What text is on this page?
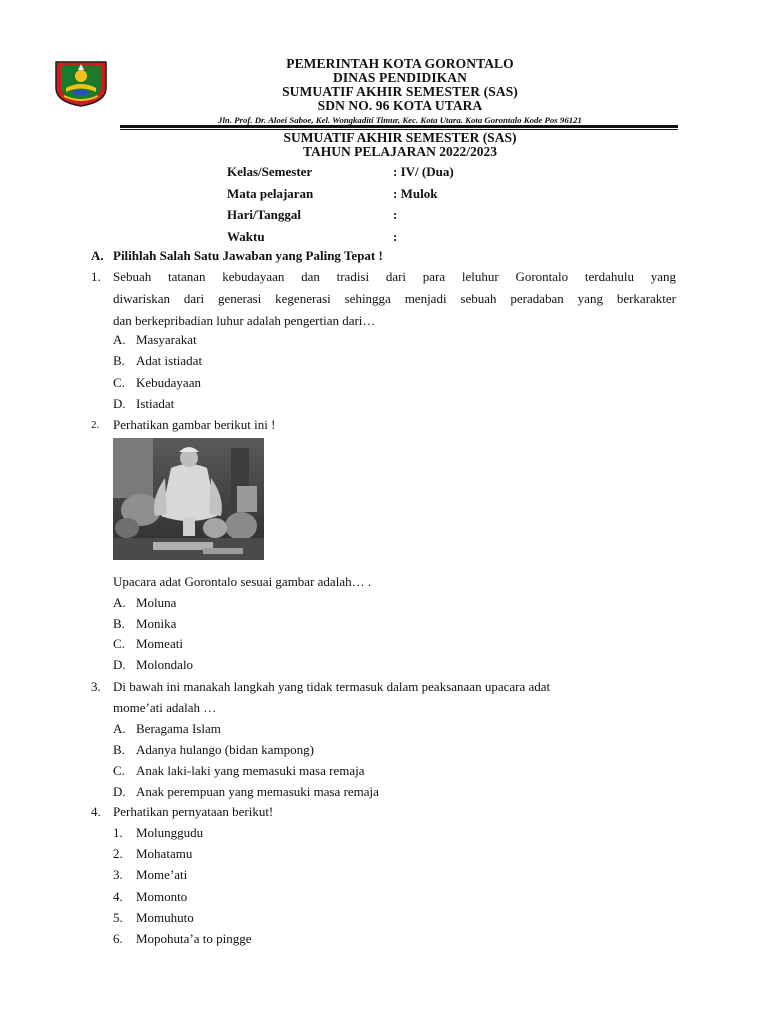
PEMERINTAH KOTA GORONTALO
DINAS PENDIDIKAN
SUMUATIF AKHIR SEMESTER (SAS)
SDN NO. 96 KOTA UTARA
Jln. Prof. Dr. Aloei Saboe, Kel. Wongkaditi Timur, Kec. Kota Utara. Kota Gorontalo Kode Pos 96121
SUMUATIF AKHIR SEMESTER (SAS)
TAHUN PELAJARAN 2022/2023
Kelas/Semester	: IV/ (Dua)
Mata pelajaran	: Mulok
Hari/Tanggal	:
Waktu	:
A. Pilihlah Salah Satu Jawaban yang Paling Tepat !
1. Sebuah tatanan kebudayaan dan tradisi dari para leluhur Gorontalo terdahulu yang
diwariskan dari generasi kegenerasi sehingga menjadi sebuah peradaban yang berkarakter
dan berkepribadian luhur adalah pengertian dari…
A. Masyarakat
B. Adat istiadat
C. Kebudayaan
D. Istiadat
2. Perhatikan gambar berikut ini !
Upacara adat Gorontalo sesuai gambar adalah… .
A. Moluna
B. Monika
C. Momeati
D. Molondalo
3. Di bawah ini manakah langkah yang tidak termasuk dalam peaksanaan upacara adat
mome’ati adalah …
A. Beragama Islam
B. Adanya hulango (bidan kampong)
C. Anak laki-laki yang memasuki masa remaja
D. Anak perempuan yang memasuki masa remaja
4. Perhatikan pernyataan berikut!
1. Molunggudu
2. Mohatamu
3. Mome’ati
4. Momonto
5. Momuhuto
6. Mopohuta’a to pingge
